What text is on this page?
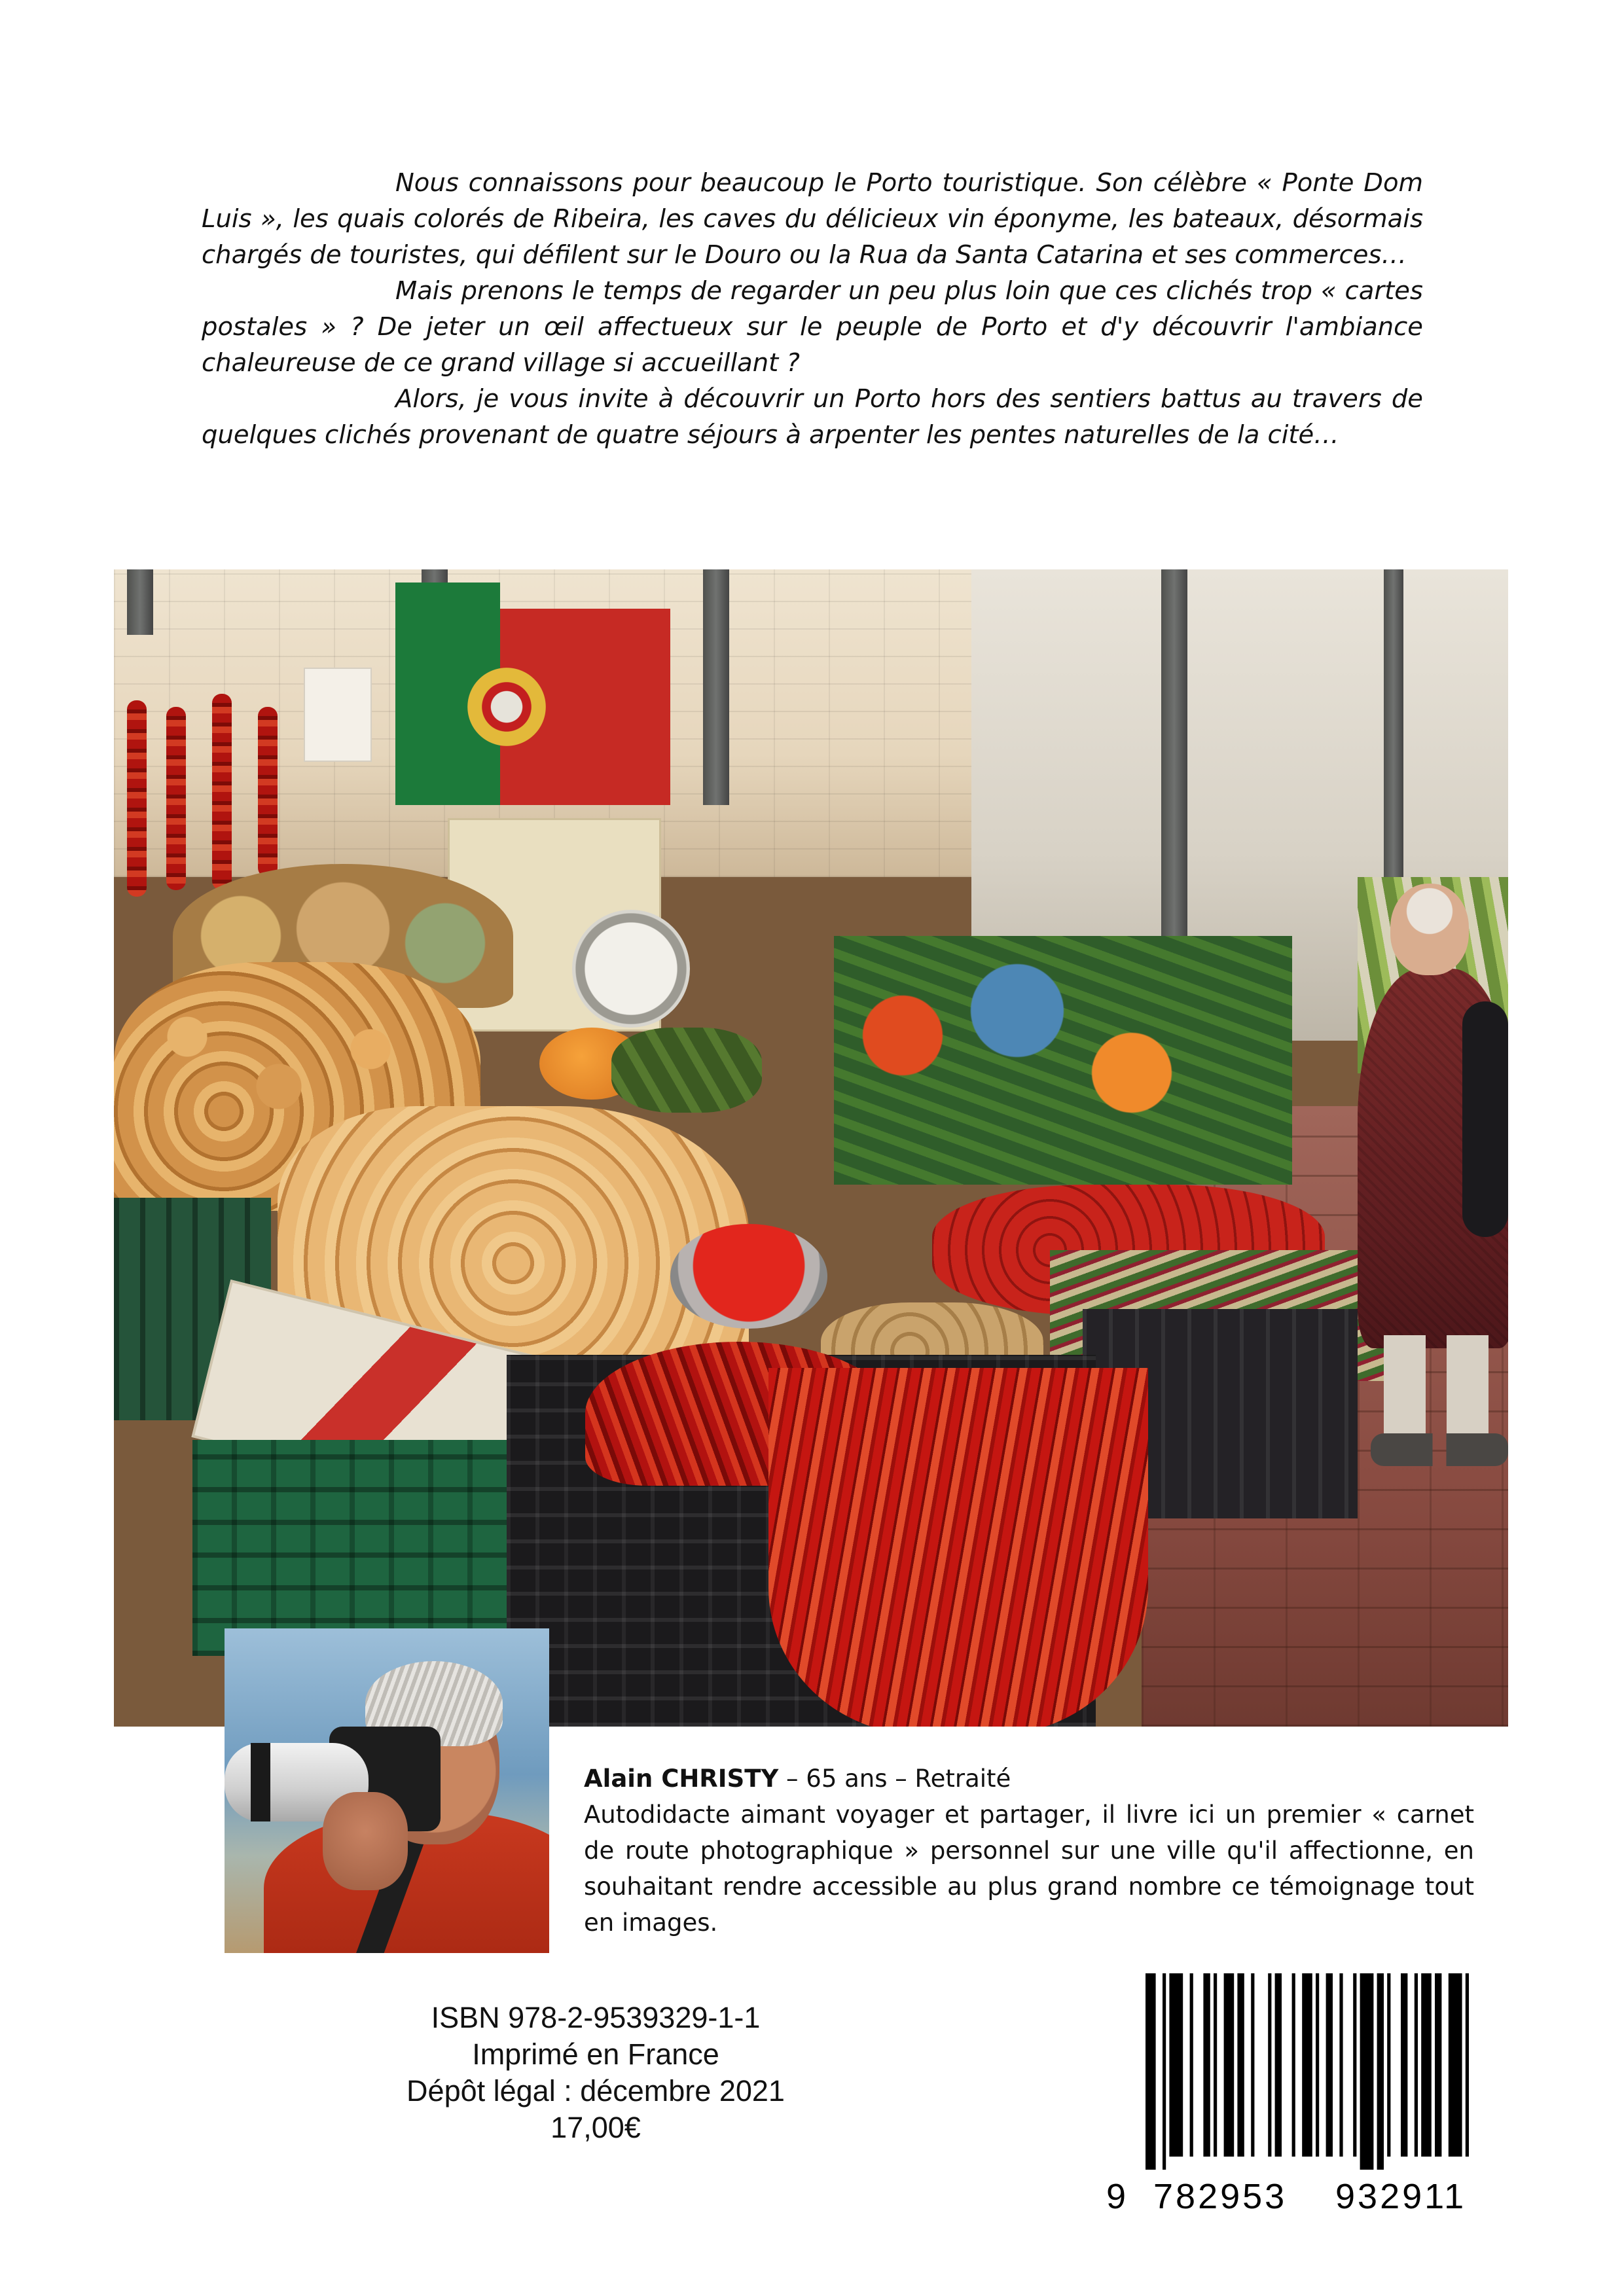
Nous connaissons pour beaucoup le Porto touristique. Son célèbre « Ponte Dom Luis », les quais colorés de Ribeira, les caves du délicieux vin éponyme, les bateaux, désormais chargés de touristes, qui défilent sur le Douro ou la Rua da Santa Catarina et ses commerces…

Mais prenons le temps de regarder un peu plus loin que ces clichés trop « cartes postales » ? De jeter un œil affectueux sur le peuple de Porto et d'y découvrir l'ambiance chaleureuse de ce grand village si accueillant ?

Alors, je vous invite à découvrir un Porto hors des sentiers battus au travers de quelques clichés provenant de quatre séjours à arpenter les pentes naturelles de la cité…

Alain CHRISTY – 65 ans – Retraité

Autodidacte aimant voyager et partager, il livre ici un premier « carnet de route photographique » personnel sur une ville qu'il affectionne, en souhaitant rendre accessible au plus grand nombre ce témoignage tout en images.

ISBN 978-2-9539329-1-1
Imprimé en France
Dépôt légal : décembre 2021
17,00€
9 782953 932911
